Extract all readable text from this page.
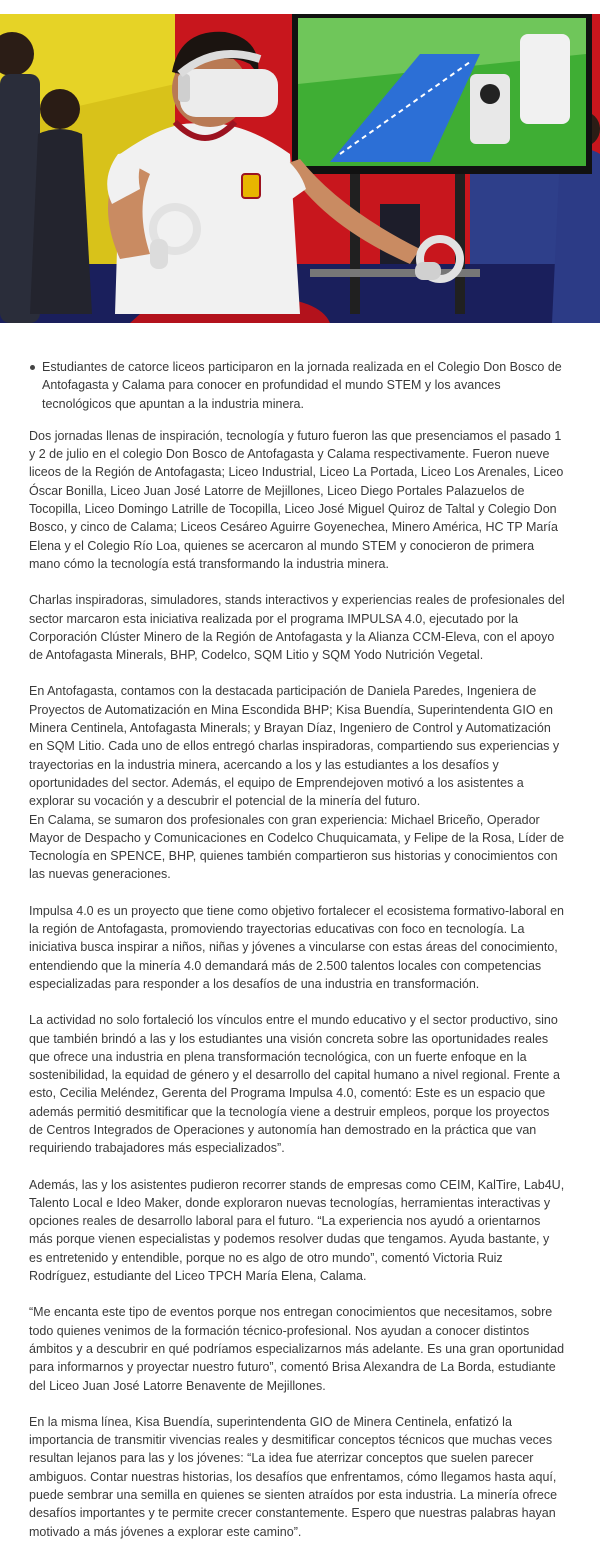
Estudiantes de catorce liceos participaron en la jornada realizada en el Colegio Don Bosco de Antofagasta y Calama para conocer en profundidad el mundo STEM y los avances tecnológicos que apuntan a la industria minera.

Dos jornadas llenas de inspiración, tecnología y futuro fueron las que presenciamos el pasado 1 y 2 de julio en el colegio Don Bosco de Antofagasta y Calama respectivamente. Fueron nueve liceos de la Región de Antofagasta; Liceo Industrial, Liceo La Portada, Liceo Los Arenales, Liceo Óscar Bonilla, Liceo Juan José Latorre de Mejillones, Liceo Diego Portales Palazuelos de Tocopilla, Liceo Domingo Latrille de Tocopilla, Liceo José Miguel Quiroz de Taltal y Colegio Don Bosco, y cinco de Calama; Liceos Cesáreo Aguirre Goyenechea, Minero América, HC TP María Elena y el Colegio Río Loa, quienes se acercaron al mundo STEM y conocieron de primera mano cómo la tecnología está transformando la industria minera.

Charlas inspiradoras, simuladores, stands interactivos y experiencias reales de profesionales del sector marcaron esta iniciativa realizada por el programa IMPULSA 4.0, ejecutado por la Corporación Clúster Minero de la Región de Antofagasta y la Alianza CCM-Eleva, con el apoyo de Antofagasta Minerals, BHP, Codelco, SQM Litio y SQM Yodo Nutrición Vegetal.

En Antofagasta, contamos con la destacada participación de Daniela Paredes, Ingeniera de Proyectos de Automatización en Mina Escondida BHP; Kisa Buendía, Superintendenta GIO en Minera Centinela, Antofagasta Minerals; y Brayan Díaz, Ingeniero de Control y Automatización en SQM Litio. Cada uno de ellos entregó charlas inspiradoras, compartiendo sus experiencias y trayectorias en la industria minera, acercando a los y las estudiantes a los desafíos y oportunidades del sector. Además, el equipo de Emprendejoven motivó a los asistentes a explorar su vocación y a descubrir el potencial de la minería del futuro.

En Calama, se sumaron dos profesionales con gran experiencia: Michael Briceño, Operador Mayor de Despacho y Comunicaciones en Codelco Chuquicamata, y Felipe de la Rosa, Líder de Tecnología en SPENCE, BHP, quienes también compartieron sus historias y conocimientos con las nuevas generaciones.

Impulsa 4.0 es un proyecto que tiene como objetivo fortalecer el ecosistema formativo-laboral en la región de Antofagasta, promoviendo trayectorias educativas con foco en tecnología. La iniciativa busca inspirar a niños, niñas y jóvenes a vincularse con estas áreas del conocimiento, entendiendo que la minería 4.0 demandará más de 2.500 talentos locales con competencias especializadas para responder a los desafíos de una industria en transformación.

La actividad no solo fortaleció los vínculos entre el mundo educativo y el sector productivo, sino que también brindó a las y los estudiantes una visión concreta sobre las oportunidades reales que ofrece una industria en plena transformación tecnológica, con un fuerte enfoque en la sostenibilidad, la equidad de género y el desarrollo del capital humano a nivel regional. Frente a esto, Cecilia Meléndez, Gerenta del Programa Impulsa 4.0, comentó: Este es un espacio que además permitió desmitificar que la tecnología viene a destruir empleos, porque los proyectos de Centros Integrados de Operaciones y autonomía han demostrado en la práctica que van requiriendo trabajadores más especializados”.

Además, las y los asistentes pudieron recorrer stands de empresas como CEIM, KalTire, Lab4U, Talento Local e Ideo Maker, donde exploraron nuevas tecnologías, herramientas interactivas y opciones reales de desarrollo laboral para el futuro. “La experiencia nos ayudó a orientarnos más porque vienen especialistas y podemos resolver dudas que tengamos. Ayuda bastante, y es entretenido y entendible, porque no es algo de otro mundo”, comentó Victoria Ruiz Rodríguez, estudiante del Liceo TPCH María Elena, Calama.

“Me encanta este tipo de eventos porque nos entregan conocimientos que necesitamos, sobre todo quienes venimos de la formación técnico-profesional. Nos ayudan a conocer distintos ámbitos y a descubrir en qué podríamos especializarnos más adelante. Es una gran oportunidad para informarnos y proyectar nuestro futuro”, comentó Brisa Alexandra de La Borda, estudiante del Liceo Juan José Latorre Benavente de Mejillones.

En la misma línea, Kisa Buendía, superintendenta GIO de Minera Centinela, enfatizó la importancia de transmitir vivencias reales y desmitificar conceptos técnicos que muchas veces resultan lejanos para las y los jóvenes: “La idea fue aterrizar conceptos que suelen parecer ambiguos. Contar nuestras historias, los desafíos que enfrentamos, cómo llegamos hasta aquí, puede sembrar una semilla en quienes se sienten atraídos por esta industria. La minería ofrece desafíos importantes y te permite crecer constantemente. Espero que nuestras palabras hayan motivado a más jóvenes a explorar este camino”.
